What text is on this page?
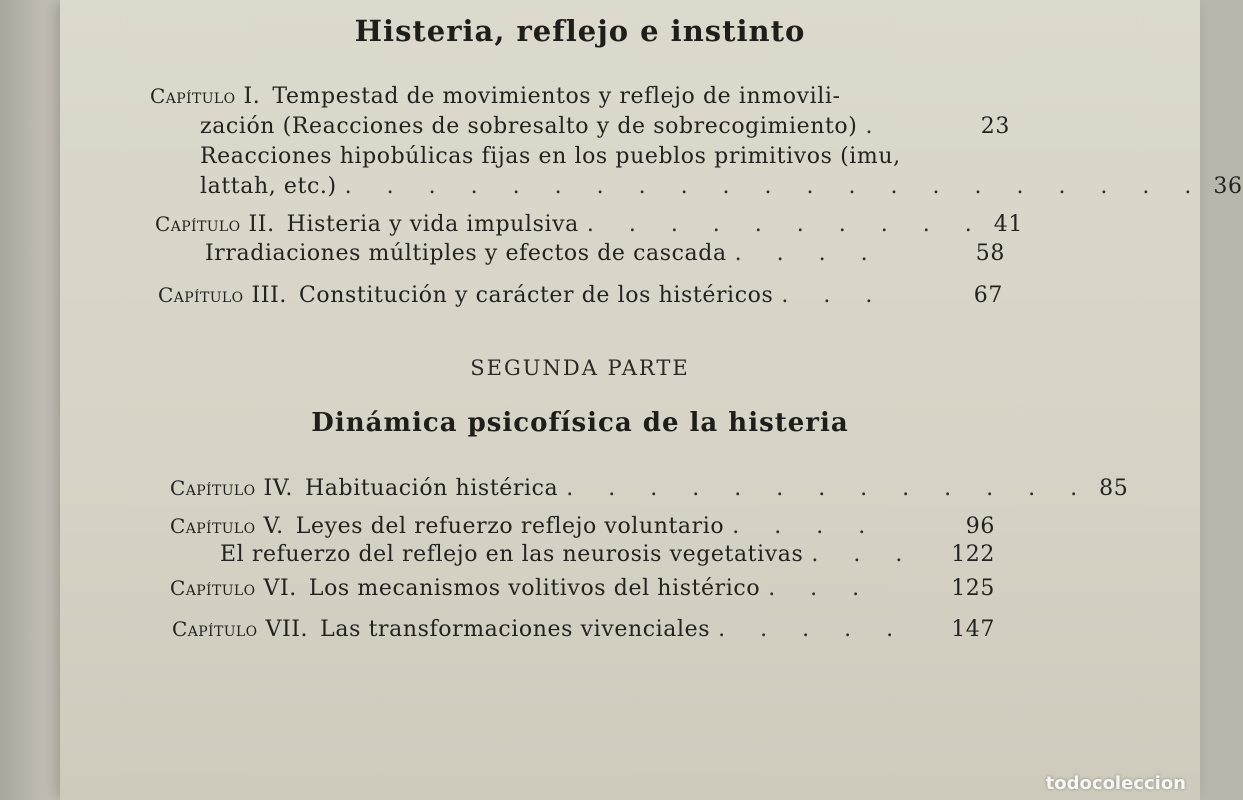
Histeria, reflejo e instinto
Capítulo I. Tempestad de movimientos y reflejo de inmovili-
zación (Reacciones de sobresalto y de sobrecogimiento) .	23
Reacciones hipobúlicas fijas en los pueblos primitivos (imu,
lattah, etc.) . . . . . . . . . . . . . . . . . . . . . 36
Capítulo II. Histeria y vida impulsiva . . . . . . . . . . 41
Irradiaciones múltiples y efectos de cascada . . . .	58
Capítulo III. Constitución y carácter de los histéricos . . .	67
SEGUNDA PARTE
Dinámica psicofísica de la histeria
Capítulo IV. Habituación histérica . . . . . . . . . . . . . 85
Capítulo V. Leyes del refuerzo reflejo voluntario . . . .	96
El refuerzo del reflejo en las neurosis vegetativas . . .	122
Capítulo VI. Los mecanismos volitivos del histérico . . .	125
Capítulo VII. Las transformaciones vivenciales . . . . .	147
todocoleccion
